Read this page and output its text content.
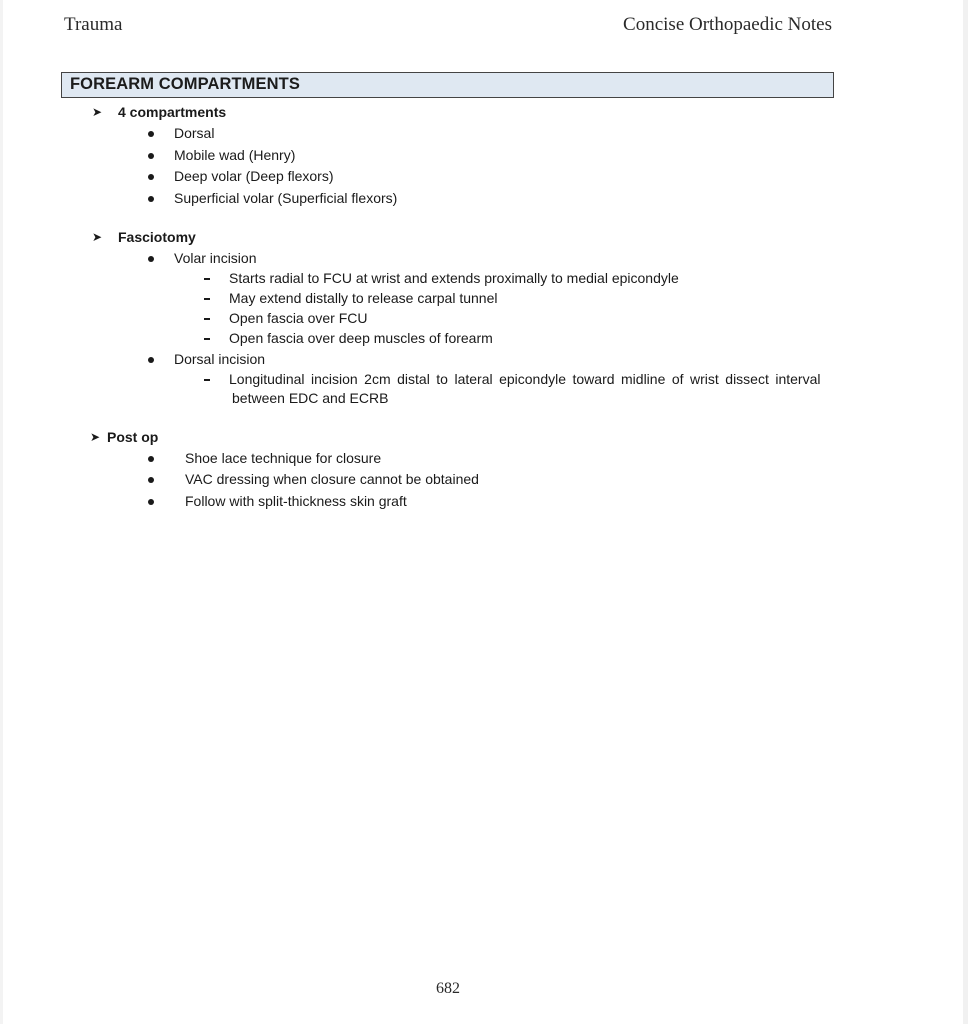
Trauma	Concise Orthopaedic Notes
FOREARM COMPARTMENTS
➤ 4 compartments
Dorsal
Mobile wad (Henry)
Deep volar (Deep flexors)
Superficial volar (Superficial flexors)
➤ Fasciotomy
Volar incision
Starts radial to FCU at wrist and extends proximally to medial epicondyle
May extend distally to release carpal tunnel
Open fascia over FCU
Open fascia over deep muscles of forearm
Dorsal incision
Longitudinal incision 2cm distal to lateral epicondyle toward midline of wrist dissect interval
between EDC and ECRB
➤ Post op
Shoe lace technique for closure
VAC dressing when closure cannot be obtained
Follow with split-thickness skin graft
682
